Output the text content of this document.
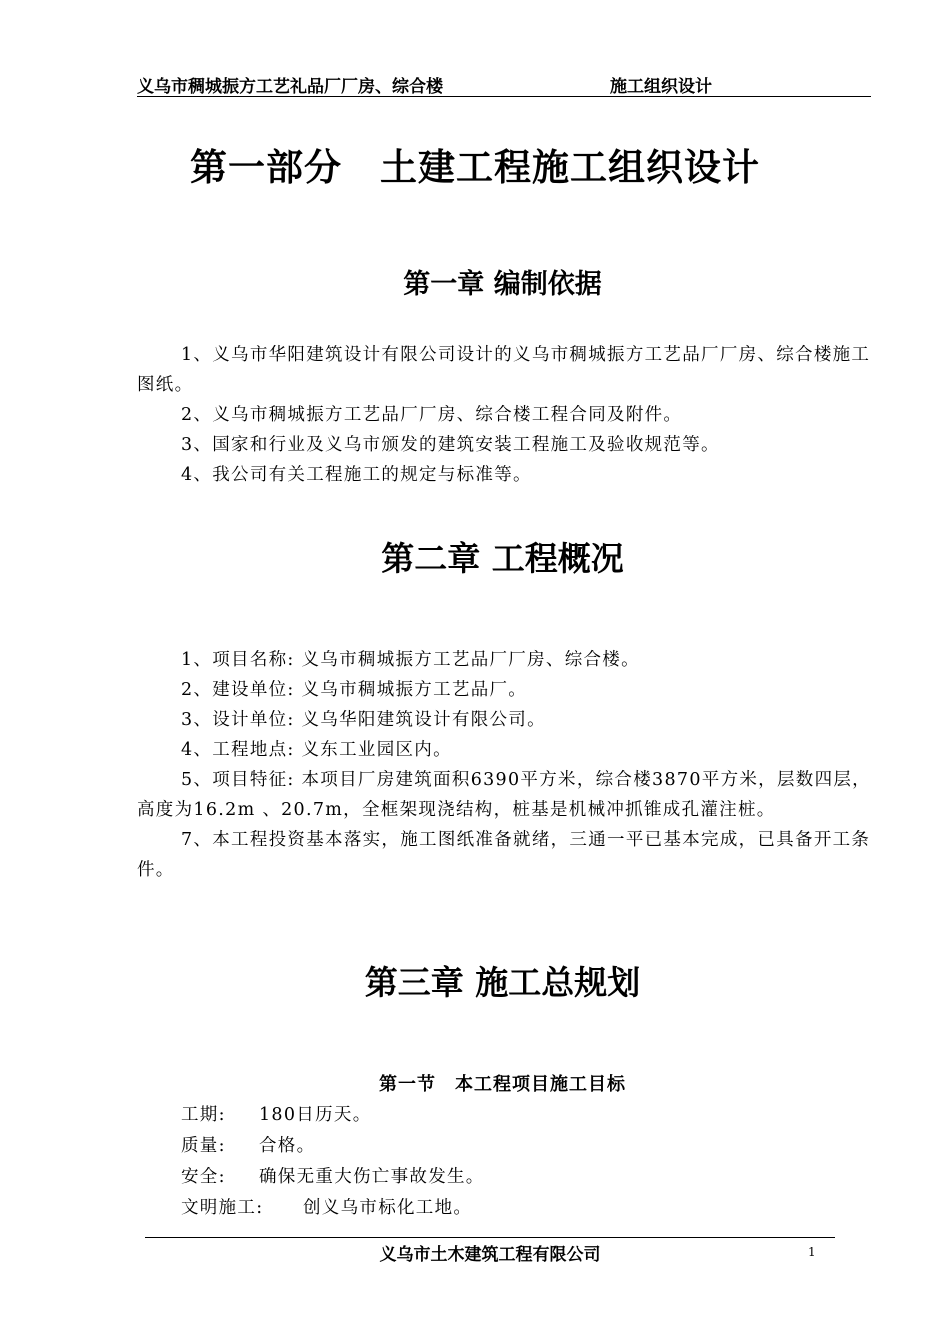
义乌市稠城振方工艺礼品厂厂房、综合楼	施工组织设计
第一部分　土建工程施工组织设计
第一章 编制依据

1、义乌市华阳建筑设计有限公司设计的义乌市稠城振方工艺品厂厂房、综合楼施工图纸。

2、义乌市稠城振方工艺品厂厂房、综合楼工程合同及附件。

3、国家和行业及义乌市颁发的建筑安装工程施工及验收规范等。

4、我公司有关工程施工的规定与标准等。

第二章 工程概况

1、项目名称: 义乌市稠城振方工艺品厂厂房、综合楼。

2、建设单位: 义乌市稠城振方工艺品厂。

3、设计单位: 义乌华阳建筑设计有限公司。

4、工程地点: 义东工业园区内。

5、项目特征: 本项目厂房建筑面积6390平方米，综合楼3870平方米，层数四层，高度为16.2m 、20.7m，全框架现浇结构，桩基是机械冲抓锥成孔灌注桩。

7、本工程投资基本落实，施工图纸准备就绪，三通一平已基本完成，已具备开工条件。

第三章 施工总规划
第一节　本工程项目施工目标
工期: 180日历天。
质量: 合格。
安全: 确保无重大伤亡事故发生。
文明施工: 创义乌市标化工地。
义乌市土木建筑工程有限公司	1
